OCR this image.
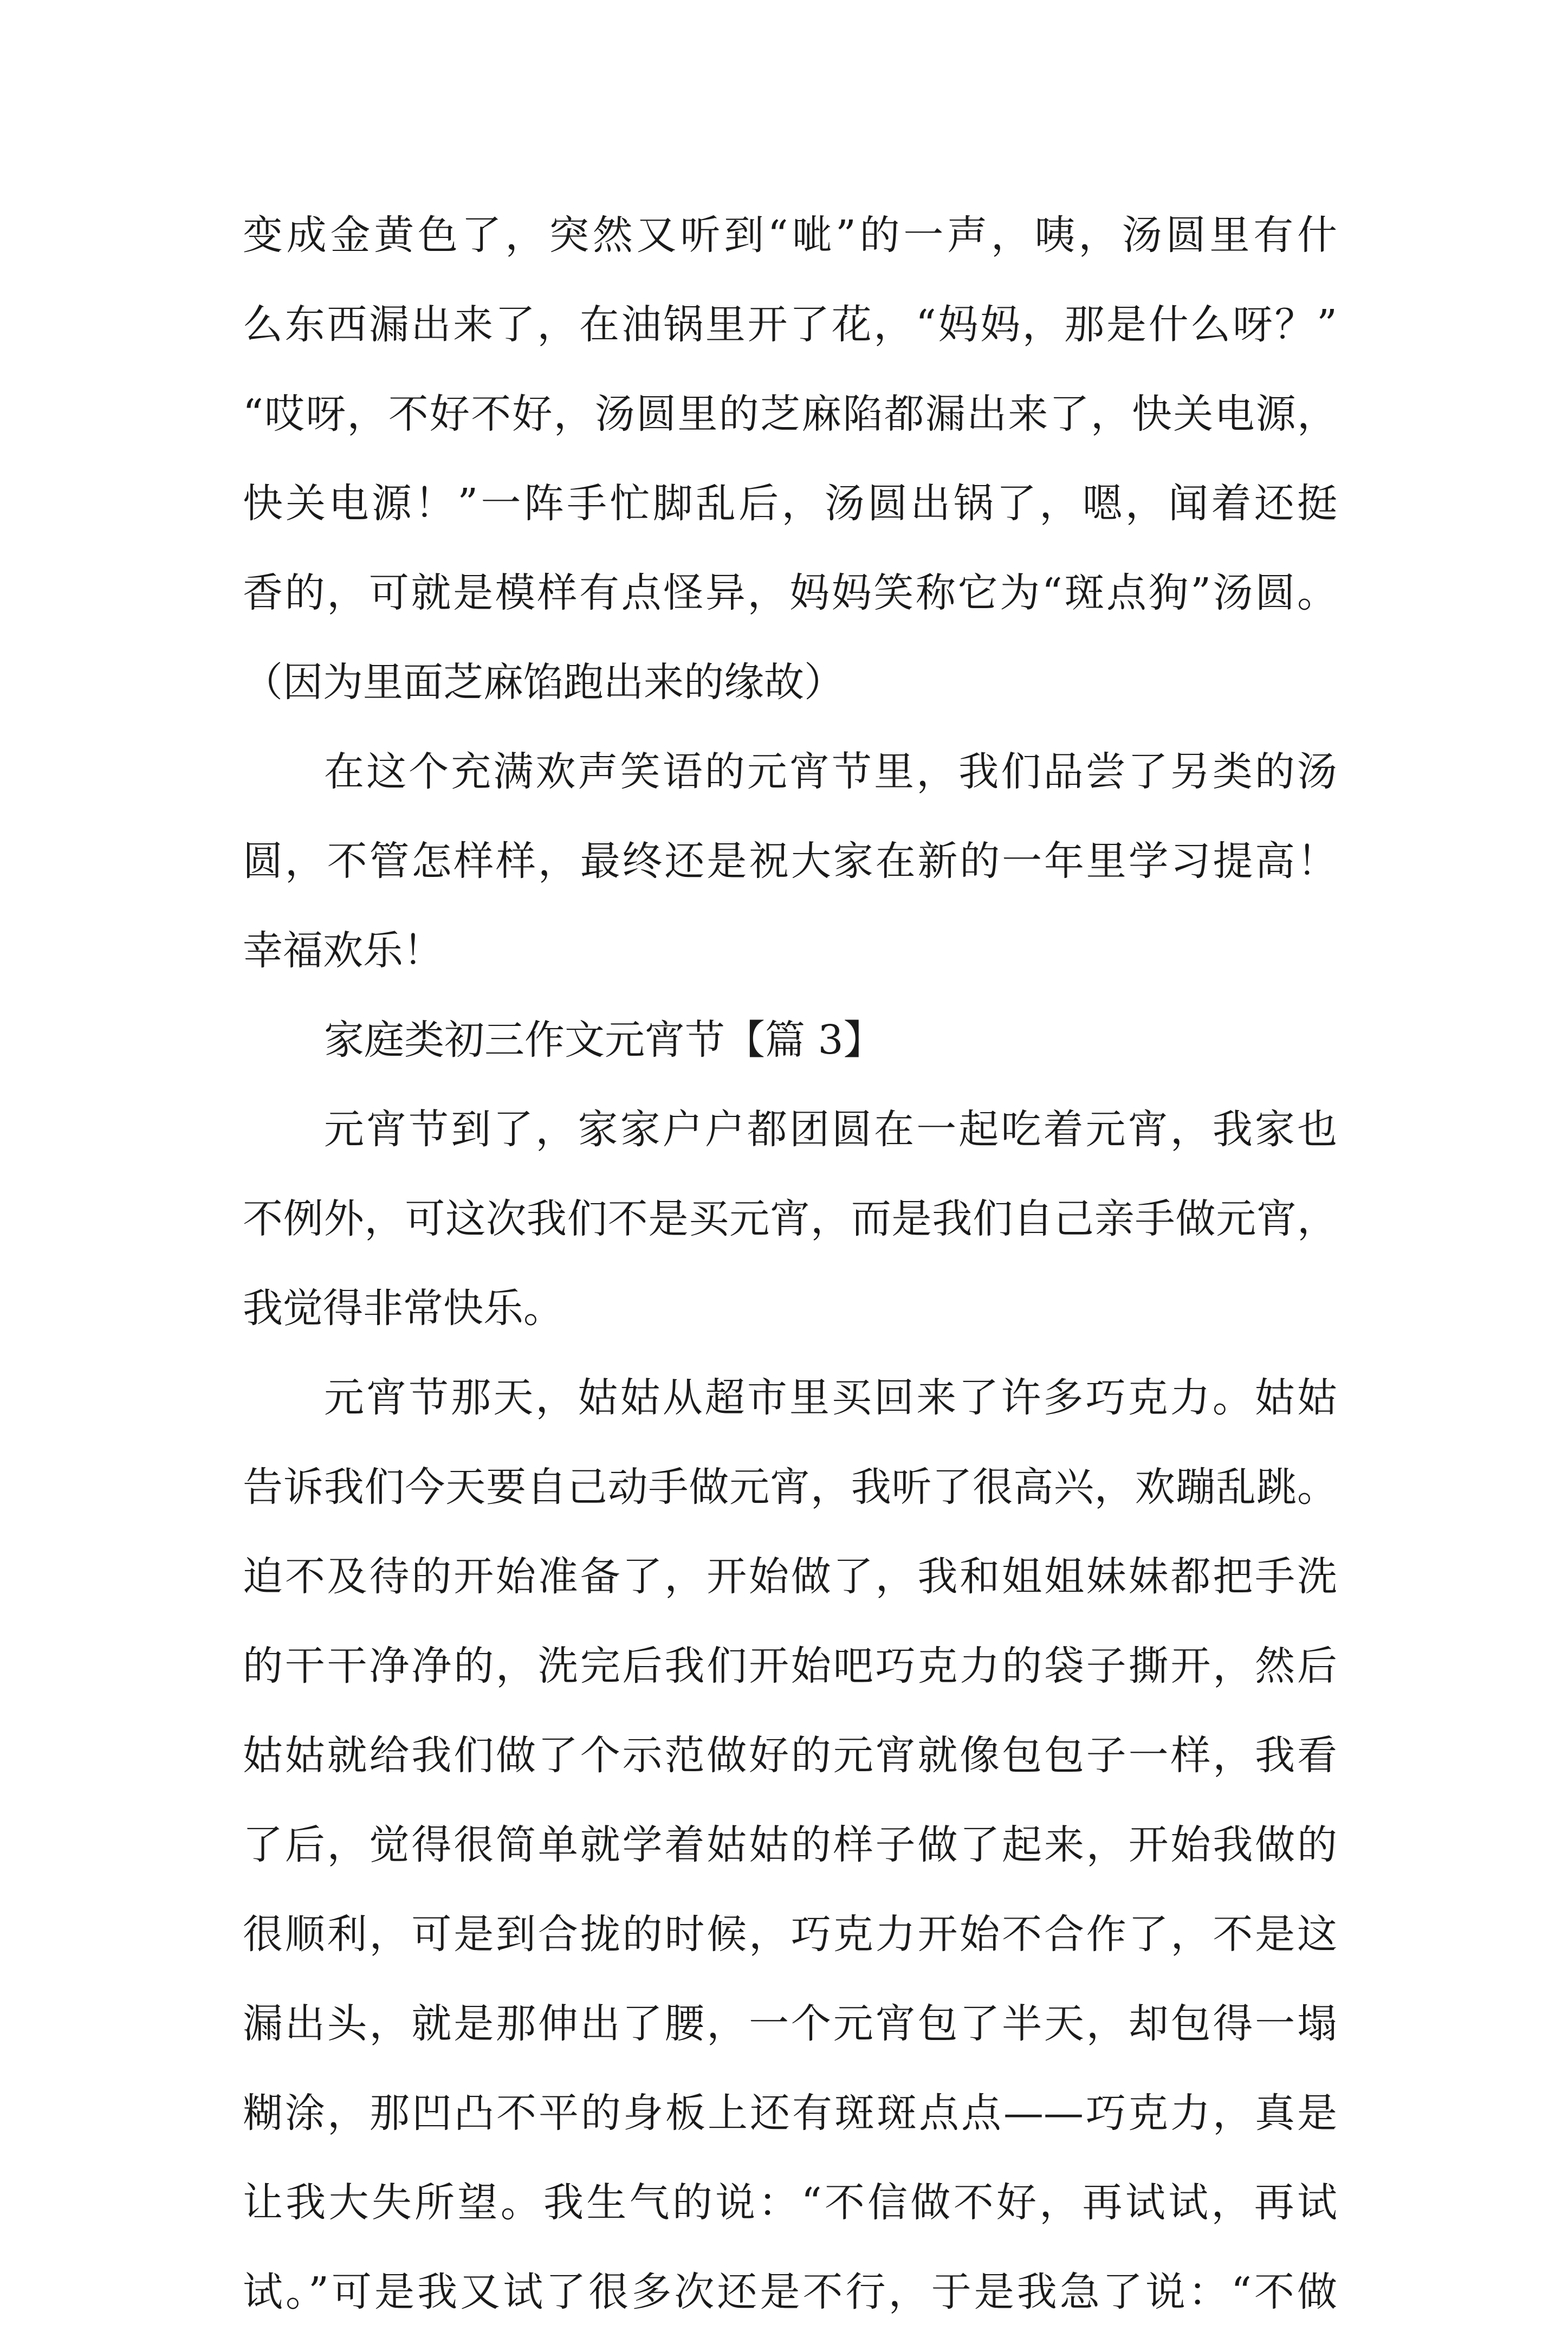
变成金黄色了，突然又听到“呲”的一声，咦，汤圆里有什
么东西漏出来了，在油锅里开了花，“妈妈，那是什么呀？”
“哎呀，不好不好，汤圆里的芝麻陷都漏出来了，快关电源，
快关电源！”一阵手忙脚乱后，汤圆出锅了，嗯，闻着还挺
香的，可就是模样有点怪异，妈妈笑称它为“斑点狗”汤圆。
（因为里面芝麻馅跑出来的缘故）
在这个充满欢声笑语的元宵节里，我们品尝了另类的汤
圆，不管怎样样，最终还是祝大家在新的一年里学习提高！
幸福欢乐！
家庭类初三作文元宵节【篇 3】
元宵节到了，家家户户都团圆在一起吃着元宵，我家也
不例外，可这次我们不是买元宵，而是我们自己亲手做元宵，
我觉得非常快乐。
元宵节那天，姑姑从超市里买回来了许多巧克力。姑姑
告诉我们今天要自己动手做元宵，我听了很高兴，欢蹦乱跳。
迫不及待的开始准备了，开始做了，我和姐姐妹妹都把手洗
的干干净净的，洗完后我们开始吧巧克力的袋子撕开，然后
姑姑就给我们做了个示范做好的元宵就像包包子一样，我看
了后，觉得很简单就学着姑姑的样子做了起来，开始我做的
很顺利，可是到合拢的时候，巧克力开始不合作了，不是这
漏出头，就是那伸出了腰，一个元宵包了半天，却包得一塌
糊涂，那凹凸不平的身板上还有斑斑点点——巧克力，真是
让我大失所望。我生气的说：“不信做不好，再试试，再试
试。”可是我又试了很多次还是不行，于是我急了说：“不做
